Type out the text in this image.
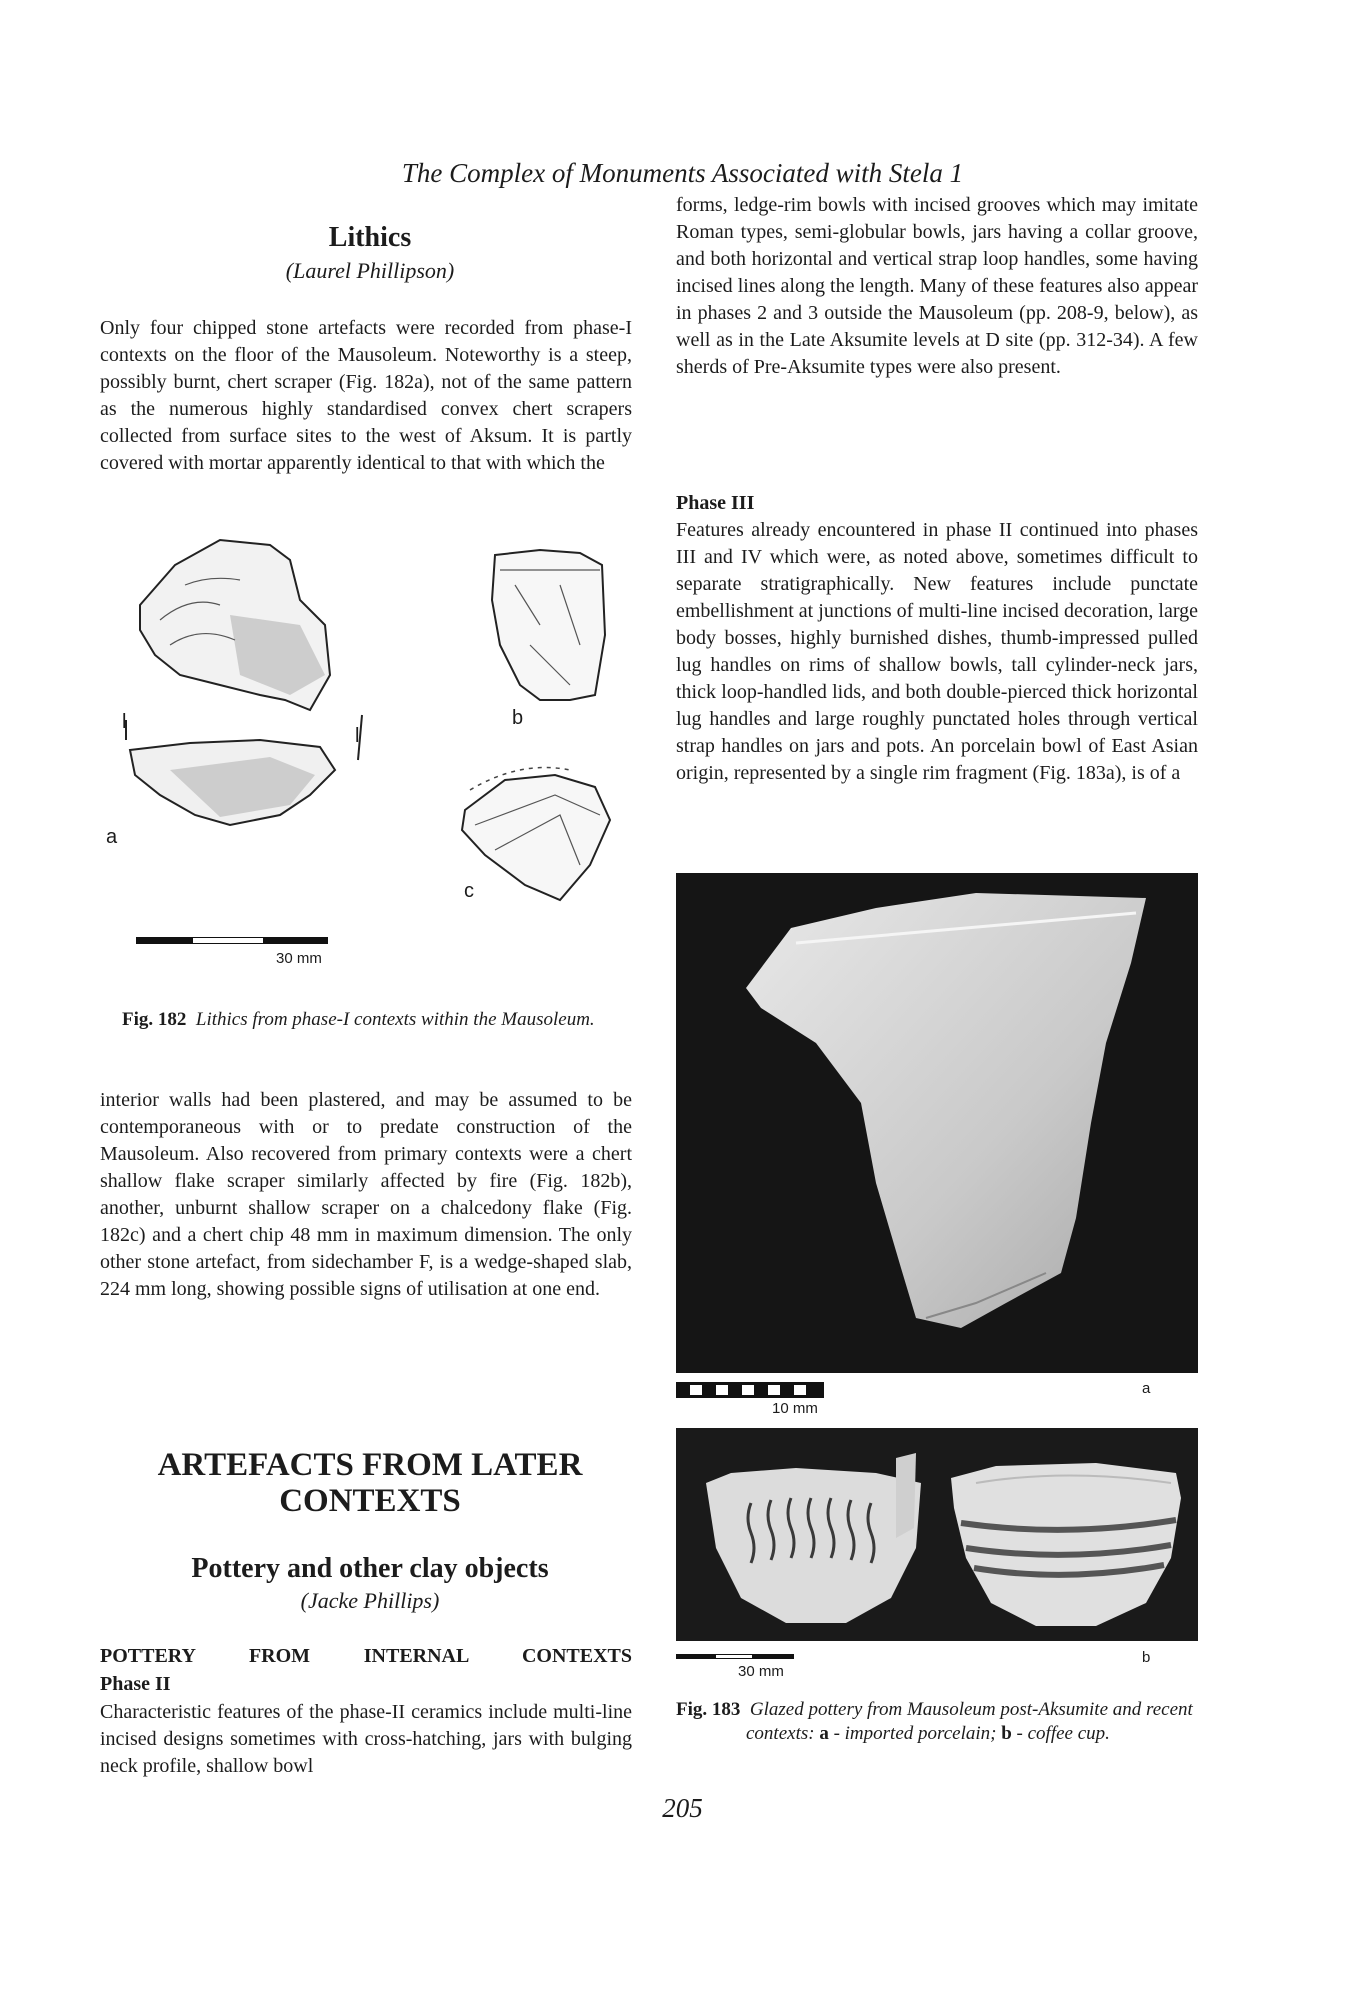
The Complex of Monuments Associated with Stela 1
Lithics
(Laurel Phillipson)

Only four chipped stone artefacts were recorded from phase-I contexts on the floor of the Mausoleum. Noteworthy is a steep, possibly burnt, chert scraper (Fig. 182a), not of the same pattern as the numerous highly standardised convex chert scrapers collected from surface sites to the west of Aksum. It is partly covered with mortar apparently identical to that with which the

l
l
a
b
c
30 mm
Fig. 182 Lithics from phase-I contexts within the Mausoleum.

interior walls had been plastered, and may be assumed to be contemporaneous with or to predate construction of the Mausoleum. Also recovered from primary contexts were a chert shallow flake scraper similarly affected by fire (Fig. 182b), another, unburnt shallow scraper on a chalcedony flake (Fig. 182c) and a chert chip 48 mm in maximum dimension. The only other stone artefact, from sidechamber F, is a wedge-shaped slab, 224 mm long, showing possible signs of utilisation at one end.

ARTEFACTS FROM LATER CONTEXTS
Pottery and other clay objects
(Jacke Phillips)
POTTERY FROM INTERNAL CONTEXTS
Phase II

Characteristic features of the phase-II ceramics include multi-line incised designs sometimes with cross-hatching, jars with bulging neck profile, shallow bowl

forms, ledge-rim bowls with incised grooves which may imitate Roman types, semi-globular bowls, jars having a collar groove, and both horizontal and vertical strap loop handles, some having incised lines along the length. Many of these features also appear in phases 2 and 3 outside the Mausoleum (pp. 208-9, below), as well as in the Late Aksumite levels at D site (pp. 312-34). A few sherds of Pre-Aksumite types were also present.

Phase III

Features already encountered in phase II continued into phases III and IV which were, as noted above, sometimes difficult to separate stratigraphically. New features include punctate embellishment at junctions of multi-line incised decoration, large body bosses, highly burnished dishes, thumb-impressed pulled lug handles on rims of shallow bowls, tall cylinder-neck jars, thick loop-handled lids, and both double-pierced thick horizontal lug handles and large roughly punctated holes through vertical strap handles on jars and pots. An porcelain bowl of East Asian origin, represented by a single rim fragment (Fig. 183a), is of a

10 mm
a
30 mm
b
Fig. 183 Glazed pottery from Mausoleum post-Aksumite and recent contexts: a - imported porcelain; b - coffee cup.
205
